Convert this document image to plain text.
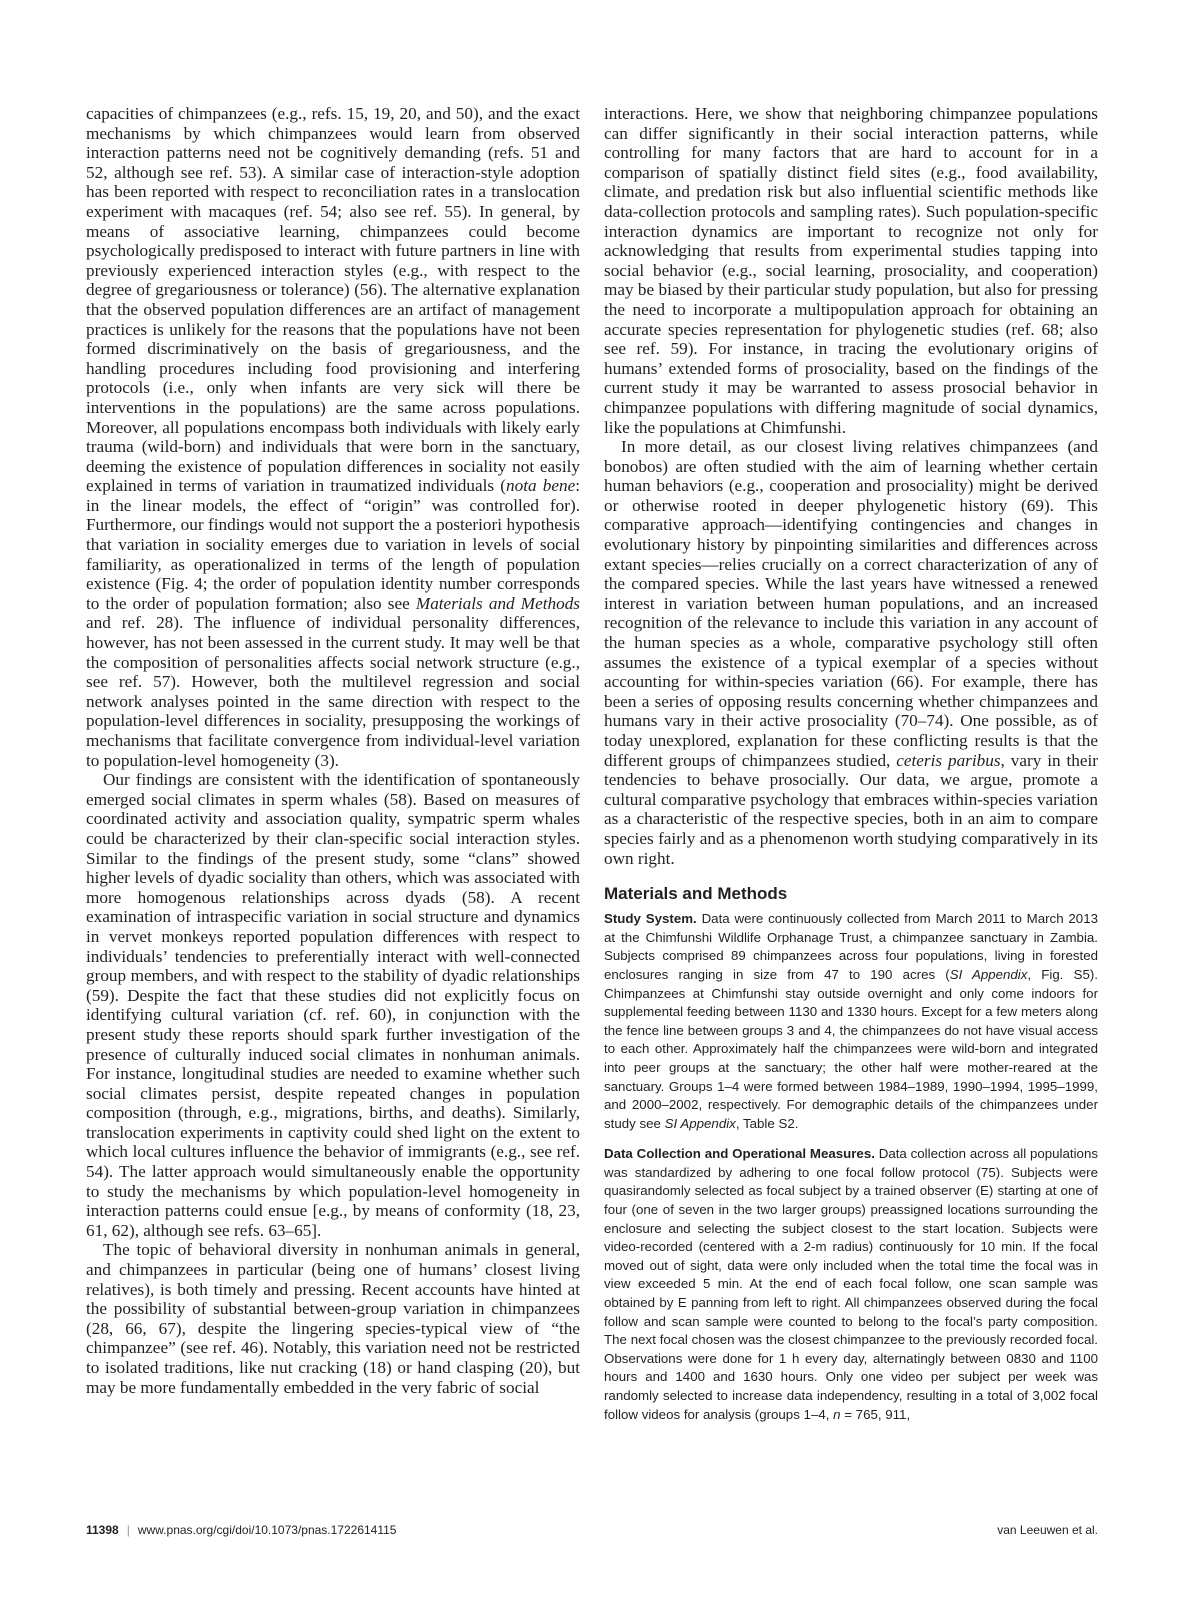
capacities of chimpanzees (e.g., refs. 15, 19, 20, and 50), and the exact mechanisms by which chimpanzees would learn from observed interaction patterns need not be cognitively demanding (refs. 51 and 52, although see ref. 53). A similar case of interaction-style adoption has been reported with respect to reconciliation rates in a translocation experiment with macaques (ref. 54; also see ref. 55). In general, by means of associative learning, chimpanzees could become psychologically predisposed to interact with future partners in line with previously experienced interaction styles (e.g., with respect to the degree of gregariousness or tolerance) (56). The alternative explanation that the observed population differences are an artifact of management practices is unlikely for the reasons that the populations have not been formed discriminatively on the basis of gregariousness, and the handling procedures including food provisioning and interfering protocols (i.e., only when infants are very sick will there be interventions in the populations) are the same across populations. Moreover, all populations encompass both individuals with likely early trauma (wild-born) and individuals that were born in the sanctuary, deeming the existence of population differences in sociality not easily explained in terms of variation in traumatized individuals (nota bene: in the linear models, the effect of “origin” was controlled for). Furthermore, our findings would not support the a posteriori hypothesis that variation in sociality emerges due to variation in levels of social familiarity, as operationalized in terms of the length of population existence (Fig. 4; the order of population identity number corresponds to the order of population formation; also see Materials and Methods and ref. 28). The influence of individual personality differences, however, has not been assessed in the current study. It may well be that the composition of personalities affects social network structure (e.g., see ref. 57). However, both the multilevel regression and social network analyses pointed in the same direction with respect to the population-level differences in sociality, presupposing the workings of mechanisms that facilitate convergence from individual-level variation to population-level homogeneity (3).

Our findings are consistent with the identification of spontaneously emerged social climates in sperm whales (58). Based on measures of coordinated activity and association quality, sympatric sperm whales could be characterized by their clan-specific social interaction styles. Similar to the findings of the present study, some “clans” showed higher levels of dyadic sociality than others, which was associated with more homogenous relationships across dyads (58). A recent examination of intraspecific variation in social structure and dynamics in vervet monkeys reported population differences with respect to individuals’ tendencies to preferentially interact with well-connected group members, and with respect to the stability of dyadic relationships (59). Despite the fact that these studies did not explicitly focus on identifying cultural variation (cf. ref. 60), in conjunction with the present study these reports should spark further investigation of the presence of culturally induced social climates in nonhuman animals. For instance, longitudinal studies are needed to examine whether such social climates persist, despite repeated changes in population composition (through, e.g., migrations, births, and deaths). Similarly, translocation experiments in captivity could shed light on the extent to which local cultures influence the behavior of immigrants (e.g., see ref. 54). The latter approach would simultaneously enable the opportunity to study the mechanisms by which population-level homogeneity in interaction patterns could ensue [e.g., by means of conformity (18, 23, 61, 62), although see refs. 63–65].

The topic of behavioral diversity in nonhuman animals in general, and chimpanzees in particular (being one of humans’ closest living relatives), is both timely and pressing. Recent accounts have hinted at the possibility of substantial between-group variation in chimpanzees (28, 66, 67), despite the lingering species-typical view of “the chimpanzee” (see ref. 46). Notably, this variation need not be restricted to isolated traditions, like nut cracking (18) or hand clasping (20), but may be more fundamentally embedded in the very fabric of social

interactions. Here, we show that neighboring chimpanzee populations can differ significantly in their social interaction patterns, while controlling for many factors that are hard to account for in a comparison of spatially distinct field sites (e.g., food availability, climate, and predation risk but also influential scientific methods like data-collection protocols and sampling rates). Such population-specific interaction dynamics are important to recognize not only for acknowledging that results from experimental studies tapping into social behavior (e.g., social learning, prosociality, and cooperation) may be biased by their particular study population, but also for pressing the need to incorporate a multipopulation approach for obtaining an accurate species representation for phylogenetic studies (ref. 68; also see ref. 59). For instance, in tracing the evolutionary origins of humans’ extended forms of prosociality, based on the findings of the current study it may be warranted to assess prosocial behavior in chimpanzee populations with differing magnitude of social dynamics, like the populations at Chimfunshi.

In more detail, as our closest living relatives chimpanzees (and bonobos) are often studied with the aim of learning whether certain human behaviors (e.g., cooperation and prosociality) might be derived or otherwise rooted in deeper phylogenetic history (69). This comparative approach—identifying contingencies and changes in evolutionary history by pinpointing similarities and differences across extant species—relies crucially on a correct characterization of any of the compared species. While the last years have witnessed a renewed interest in variation between human populations, and an increased recognition of the relevance to include this variation in any account of the human species as a whole, comparative psychology still often assumes the existence of a typical exemplar of a species without accounting for within-species variation (66). For example, there has been a series of opposing results concerning whether chimpanzees and humans vary in their active prosociality (70–74). One possible, as of today unexplored, explanation for these conflicting results is that the different groups of chimpanzees studied, ceteris paribus, vary in their tendencies to behave prosocially. Our data, we argue, promote a cultural comparative psychology that embraces within-species variation as a characteristic of the respective species, both in an aim to compare species fairly and as a phenomenon worth studying comparatively in its own right.

Materials and Methods

Study System. Data were continuously collected from March 2011 to March 2013 at the Chimfunshi Wildlife Orphanage Trust, a chimpanzee sanctuary in Zambia. Subjects comprised 89 chimpanzees across four populations, living in forested enclosures ranging in size from 47 to 190 acres (SI Appendix, Fig. S5). Chimpanzees at Chimfunshi stay outside overnight and only come indoors for supplemental feeding between 1130 and 1330 hours. Except for a few meters along the fence line between groups 3 and 4, the chimpanzees do not have visual access to each other. Approximately half the chimpanzees were wild-born and integrated into peer groups at the sanctuary; the other half were mother-reared at the sanctuary. Groups 1–4 were formed between 1984–1989, 1990–1994, 1995–1999, and 2000–2002, respectively. For demographic details of the chimpanzees under study see SI Appendix, Table S2.

Data Collection and Operational Measures. Data collection across all populations was standardized by adhering to one focal follow protocol (75). Subjects were quasirandomly selected as focal subject by a trained observer (E) starting at one of four (one of seven in the two larger groups) preassigned locations surrounding the enclosure and selecting the subject closest to the start location. Subjects were video-recorded (centered with a 2-m radius) continuously for 10 min. If the focal moved out of sight, data were only included when the total time the focal was in view exceeded 5 min. At the end of each focal follow, one scan sample was obtained by E panning from left to right. All chimpanzees observed during the focal follow and scan sample were counted to belong to the focal’s party composition. The next focal chosen was the closest chimpanzee to the previously recorded focal. Observations were done for 1 h every day, alternatingly between 0830 and 1100 hours and 1400 and 1630 hours. Only one video per subject per week was randomly selected to increase data independency, resulting in a total of 3,002 focal follow videos for analysis (groups 1–4, n = 765, 911,

11398 | www.pnas.org/cgi/doi/10.1073/pnas.1722614115	van Leeuwen et al.
